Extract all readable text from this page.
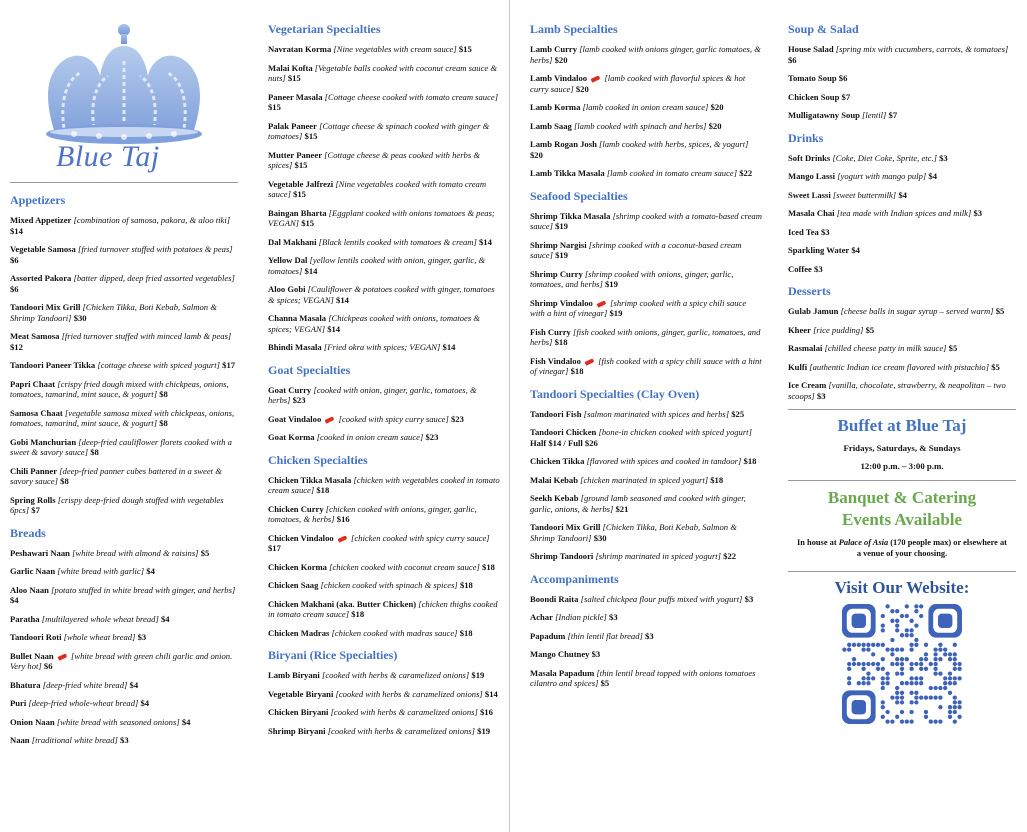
Blue Taj
Appetizers
Mixed Appetizer [combination of samosa, pakora, & aloo tiki] $14
Vegetable Samosa [fried turnover stuffed with potatoes & peas] $6
Assorted Pakora [batter dipped, deep fried assorted vegetables] $6
Tandoori Mix Grill [Chicken Tikka, Boti Kebab, Salmon & Shrimp Tandoori] $30
Meat Samosa [fried turnover stuffed with minced lamb & peas] $12
Tandoori Paneer Tikka [cottage cheese with spiced yogurt] $17
Papri Chaat [crispy fried dough mixed with chickpeas, onions, tomatoes, tamarind, mint sauce, & yogurt] $8
Samosa Chaat [vegetable samosa mixed with chickpeas, onions, tomatoes, tamarind, mint sauce, & yogurt] $8
Gobi Manchurian [deep-fried cauliflower florets cooked with a sweet & savory sauce] $8
Chili Panner [deep-fried panner cubes battered in a sweet & savory sauce] $8
Spring Rolls [crispy deep-fried dough stuffed with vegetables 6pcs] $7
Breads
Peshawari Naan [white bread with almond & raisins] $5
Garlic Naan [white bread with garlic] $4
Aloo Naan [potato stuffed in white bread with ginger, and herbs] $4
Paratha [multilayered whole wheat bread] $4
Tandoori Roti [whole wheat bread] $3
Bullet Naan [white bread with green chili garlic and onion. Very hot] $6
Bhatura [deep-fried white bread] $4
Puri [deep-fried whole-wheat bread] $4
Onion Naan [white bread with seasoned onions] $4
Naan [traditional white bread] $3
Vegetarian Specialties
Navratan Korma [Nine vegetables with cream sauce] $15
Malai Kofta [Vegetable balls cooked with coconut cream sauce & nuts] $15
Paneer Masala [Cottage cheese cooked with tomato cream sauce] $15
Palak Paneer [Cottage cheese & spinach cooked with ginger & tomatoes] $15
Mutter Paneer [Cottage cheese & peas cooked with herbs & spices] $15
Vegetable Jalfrezi [Nine vegetables cooked with tomato cream sauce] $15
Baingan Bharta [Eggplant cooked with onions tomatoes & peas; VEGAN] $15
Dal Makhani [Black lentils cooked with tomatoes & cream] $14
Yellow Dal [yellow lentils cooked with onion, ginger, garlic, & tomatoes] $14
Aloo Gobi [Cauliflower & potatoes cooked with ginger, tomatoes & spices; VEGAN] $14
Channa Masala [Chickpeas cooked with onions, tomatoes & spices; VEGAN] $14
Bhindi Masala [Fried okra with spices; VEGAN] $14
Goat Specialties
Goat Curry [cooked with onion, ginger, garlic, tomatoes, & herbs] $23
Goat Vindaloo [cooked with spicy curry sauce] $23
Goat Korma [cooked in onion cream sauce] $23
Chicken Specialties
Chicken Tikka Masala [chicken with vegetables cooked in tomato cream sauce] $18
Chicken Curry [chicken cooked with onions, ginger, garlic, tomatoes, & herbs] $16
Chicken Vindaloo [chicken cooked with spicy curry sauce] $17
Chicken Korma [chicken cooked with coconut cream sauce] $18
Chicken Saag [chicken cooked with spinach & spices] $18
Chicken Makhani (aka. Butter Chicken) [chicken thighs cooked in tomato cream sauce] $18
Chicken Madras [chicken cooked with madras sauce] $18
Biryani (Rice Specialties)
Lamb Biryani [cooked with herbs & caramelized onions] $19
Vegetable Biryani [cooked with herbs & caramelized onions] $14
Chicken Biryani [cooked with herbs & caramelized onions] $16
Shrimp Biryani [cooked with herbs & caramelized onions] $19
Lamb Specialties
Lamb Curry [lamb cooked with onions ginger, garlic tomatoes, & herbs] $20
Lamb Vindaloo [lamb cooked with flavorful spices & hot curry sauce] $20
Lamb Korma [lamb cooked in onion cream sauce] $20
Lamb Saag [lamb cooked with spinach and herbs] $20
Lamb Rogan Josh [lamb cooked with herbs, spices, & yogurt] $20
Lamb Tikka Masala [lamb cooked in tomato cream sauce] $22
Seafood Specialties
Shrimp Tikka Masala [shrimp cooked with a tomato-based cream sauce] $19
Shrimp Nargisi [shrimp cooked with a coconut-based cream sauce] $19
Shrimp Curry [shrimp cooked with onions, ginger, garlic, tomatoes, and herbs] $19
Shrimp Vindaloo [shrimp cooked with a spicy chili sauce with a hint of vinegar] $19
Fish Curry [fish cooked with onions, ginger, garlic, tomatoes, and herbs] $18
Fish Vindaloo [fish cooked with a spicy chili sauce with a hint of vinegar] $18
Tandoori Specialties (Clay Oven)
Tandoori Fish [salmon marinated with spices and herbs] $25
Tandoori Chicken [bone-in chicken cooked with spiced yogurt] Half $14 / Full $26
Chicken Tikka [flavored with spices and cooked in tandoor] $18
Malai Kebab [chicken marinated in spiced yogurt] $18
Seekh Kebab [ground lamb seasoned and cooked with ginger, garlic, onions, & herbs] $21
Tandoori Mix Grill [Chicken Tikka, Boti Kebab, Salmon & Shrimp Tandoori] $30
Shrimp Tandoori [shrimp marinated in spiced yogurt] $22
Accompaniments
Boondi Raita [salted chickpea flour puffs mixed with yogurt] $3
Achar [Indian pickle] $3
Papadum [thin lentil flat bread] $3
Mango Chutney $3
Masala Papadum [thin lentil bread topped with onions tomatoes cilantro and spices] $5
Soup & Salad
House Salad [spring mix with cucumbers, carrots, & tomatoes] $6
Tomato Soup $6
Chicken Soup $7
Mulligatawny Soup [lentil] $7
Drinks
Soft Drinks [Coke, Diet Coke, Sprite, etc.] $3
Mango Lassi [yogurt with mango pulp] $4
Sweet Lassi [sweet buttermilk] $4
Masala Chai [tea made with Indian spices and milk] $3
Iced Tea $3
Sparkling Water $4
Coffee $3
Desserts
Gulab Jamun [cheese balls in sugar syrup – served warm] $5
Kheer [rice pudding] $5
Rasmalai [chilled cheese patty in milk sauce] $5
Kulfi [authentic Indian ice cream flavored with pistachio] $5
Ice Cream [vanilla, chocolate, strawberry, & neapolitan – two scoops] $3
Buffet at Blue Taj
Fridays, Saturdays, & Sundays
12:00 p.m. – 3:00 p.m.
Banquet & Catering
Events Available
In house at Palace of Asia (170 people max) or elsewhere at a venue of your choosing.
Visit Our Website:
